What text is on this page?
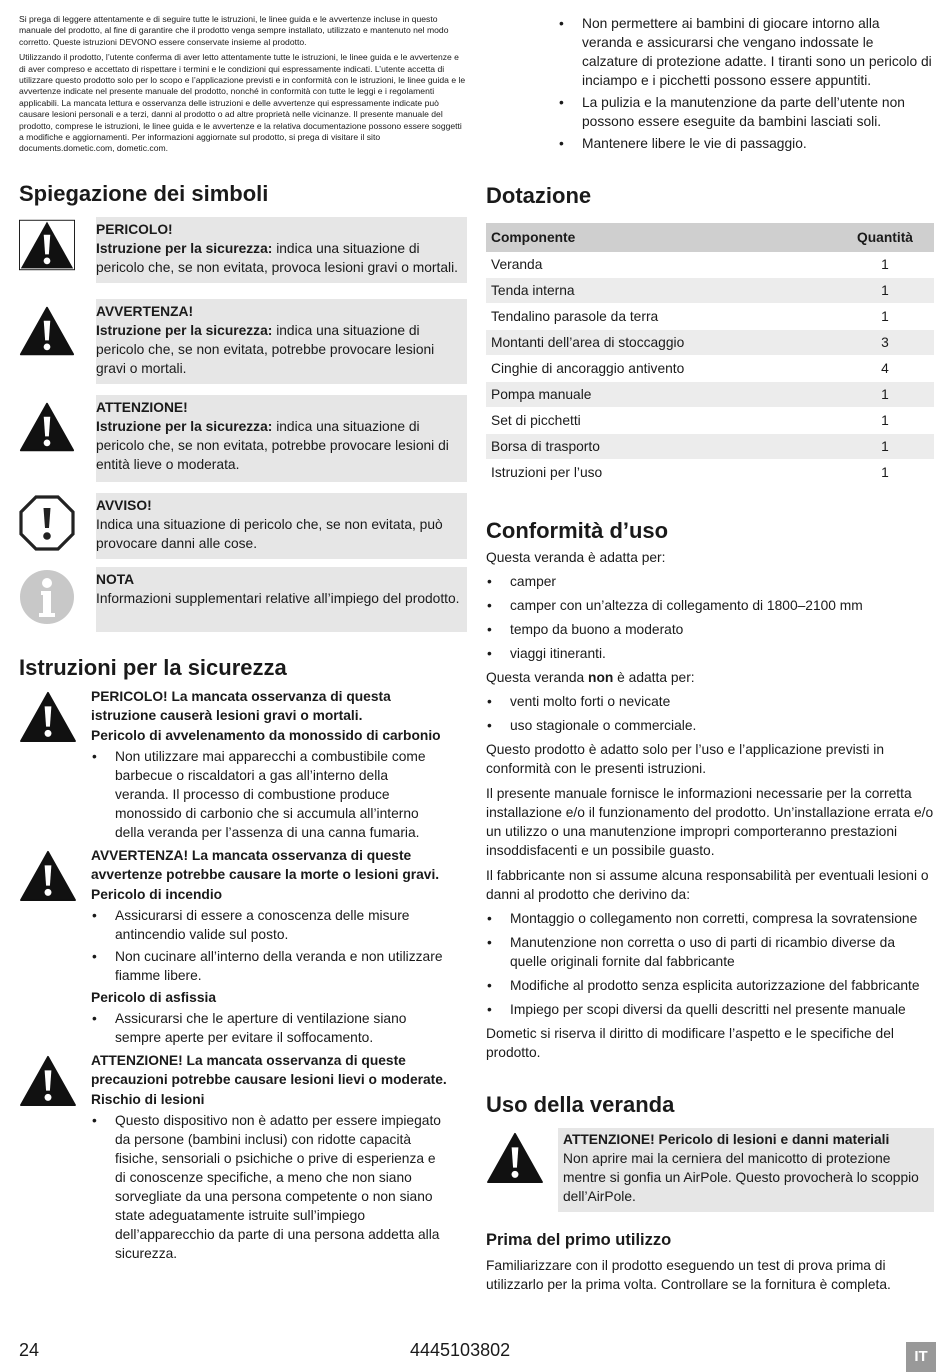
Si prega di leggere attentamente e di seguire tutte le istruzioni, le linee guida e le avvertenze incluse in questo manuale del prodotto, al fine di garantire che il prodotto venga sempre installato, utilizzato e mantenuto nel modo corretto. Queste istruzioni DEVONO essere conservate insieme al prodotto.

Utilizzando il prodotto, l’utente conferma di aver letto attentamente tutte le istruzioni, le linee guida e le avvertenze e di aver compreso e accettato di rispettare i termini e le condizioni qui espressamente indicati. L’utente accetta di utilizzare questo prodotto solo per lo scopo e l’applicazione previsti e in conformità con le istruzioni, le linee guida e le avvertenze indicate nel presente manuale del prodotto, nonché in conformità con tutte le leggi e i regolamenti applicabili. La mancata lettura e osservanza delle istruzioni e delle avvertenze qui espressamente indicate può causare lesioni personali e a terzi, danni al prodotto o ad altre proprietà nelle vicinanze. Il presente manuale del prodotto, comprese le istruzioni, le linee guida e le avvertenze e la relativa documentazione possono essere soggetti a modifiche e aggiornamenti. Per informazioni aggiornate sul prodotto, si prega di visitare il sito documents.dometic.com, dometic.com.

Spiegazione dei simboli
PERICOLO!
Istruzione per la sicurezza: indica una situazione di pericolo che, se non evitata, provoca lesioni gravi o mortali.
AVVERTENZA!
Istruzione per la sicurezza: indica una situazione di pericolo che, se non evitata, potrebbe provocare lesioni gravi o mortali.
ATTENZIONE!
Istruzione per la sicurezza: indica una situazione di pericolo che, se non evitata, potrebbe provocare lesioni di entità lieve o moderata.
AVVISO!
Indica una situazione di pericolo che, se non evitata, può provocare danni alle cose.
NOTA
Informazioni supplementari relative all’impiego del prodotto.
Istruzioni per la sicurezza
PERICOLO! La mancata osservanza di questa istruzione causerà lesioni gravi o mortali.
Pericolo di avvelenamento da monossido di carbonio
• Non utilizzare mai apparecchi a combustibile come barbecue o riscaldatori a gas all’interno della veranda. Il processo di combustione produce monossido di carbonio che si accumula all’interno della veranda per l’assenza di una canna fumaria.
AVVERTENZA! La mancata osservanza di queste avvertenze potrebbe causare la morte o lesioni gravi.
Pericolo di incendio
• Assicurarsi di essere a conoscenza delle misure antincendio valide sul posto.
• Non cucinare all’interno della veranda e non utilizzare fiamme libere.
Pericolo di asfissia
• Assicurarsi che le aperture di ventilazione siano sempre aperte per evitare il soffocamento.
ATTENZIONE! La mancata osservanza di queste precauzioni potrebbe causare lesioni lievi o moderate.
Rischio di lesioni
• Questo dispositivo non è adatto per essere impiegato da persone (bambini inclusi) con ridotte capacità fisiche, sensoriali o psichiche o prive di esperienza e di conoscenze specifiche, a meno che non siano sorvegliate da una persona competente o non siano state adeguatamente istruite sull’impiego dell’apparecchio da parte di una persona addetta alla sicurezza.
• Non permettere ai bambini di giocare intorno alla veranda e assicurarsi che vengano indossate le calzature di protezione adatte. I tiranti sono un pericolo di inciampo e i picchetti possono essere appuntiti.
• La pulizia e la manutenzione da parte dell’utente non possono essere eseguite da bambini lasciati soli.
• Mantenere libere le vie di passaggio.
Dotazione
Componente	Quantità
Veranda	1
Tenda interna	1
Tendalino parasole da terra	1
Montanti dell’area di stoccaggio	3
Cinghie di ancoraggio antivento	4
Pompa manuale	1
Set di picchetti	1
Borsa di trasporto	1
Istruzioni per l’uso	1
Conformità d’uso
Questa veranda è adatta per:
• camper
• camper con un’altezza di collegamento di 1800–2100 mm
• tempo da buono a moderato
• viaggi itineranti.
Questa veranda non è adatta per:
• venti molto forti o nevicate
• uso stagionale o commerciale.
Questo prodotto è adatto solo per l’uso e l’applicazione previsti in conformità con le presenti istruzioni.
Il presente manuale fornisce le informazioni necessarie per la corretta installazione e/o il funzionamento del prodotto. Un’installazione errata e/o un utilizzo o una manutenzione impropri comporteranno prestazioni insoddisfacenti e un possibile guasto.
Il fabbricante non si assume alcuna responsabilità per eventuali lesioni o danni al prodotto che derivino da:
• Montaggio o collegamento non corretti, compresa la sovratensione
• Manutenzione non corretta o uso di parti di ricambio diverse da quelle originali fornite dal fabbricante
• Modifiche al prodotto senza esplicita autorizzazione del fabbricante
• Impiego per scopi diversi da quelli descritti nel presente manuale
Dometic si riserva il diritto di modificare l’aspetto e le specifiche del prodotto.
Uso della veranda
ATTENZIONE! Pericolo di lesioni e danni materiali
Non aprire mai la cerniera del manicotto di protezione mentre si gonfia un AirPole. Questo provocherà lo scoppio dell’AirPole.
Prima del primo utilizzo
Familiarizzare con il prodotto eseguendo un test di prova prima di utilizzarlo per la prima volta. Controllare se la fornitura è completa.
24	4445103802	IT
